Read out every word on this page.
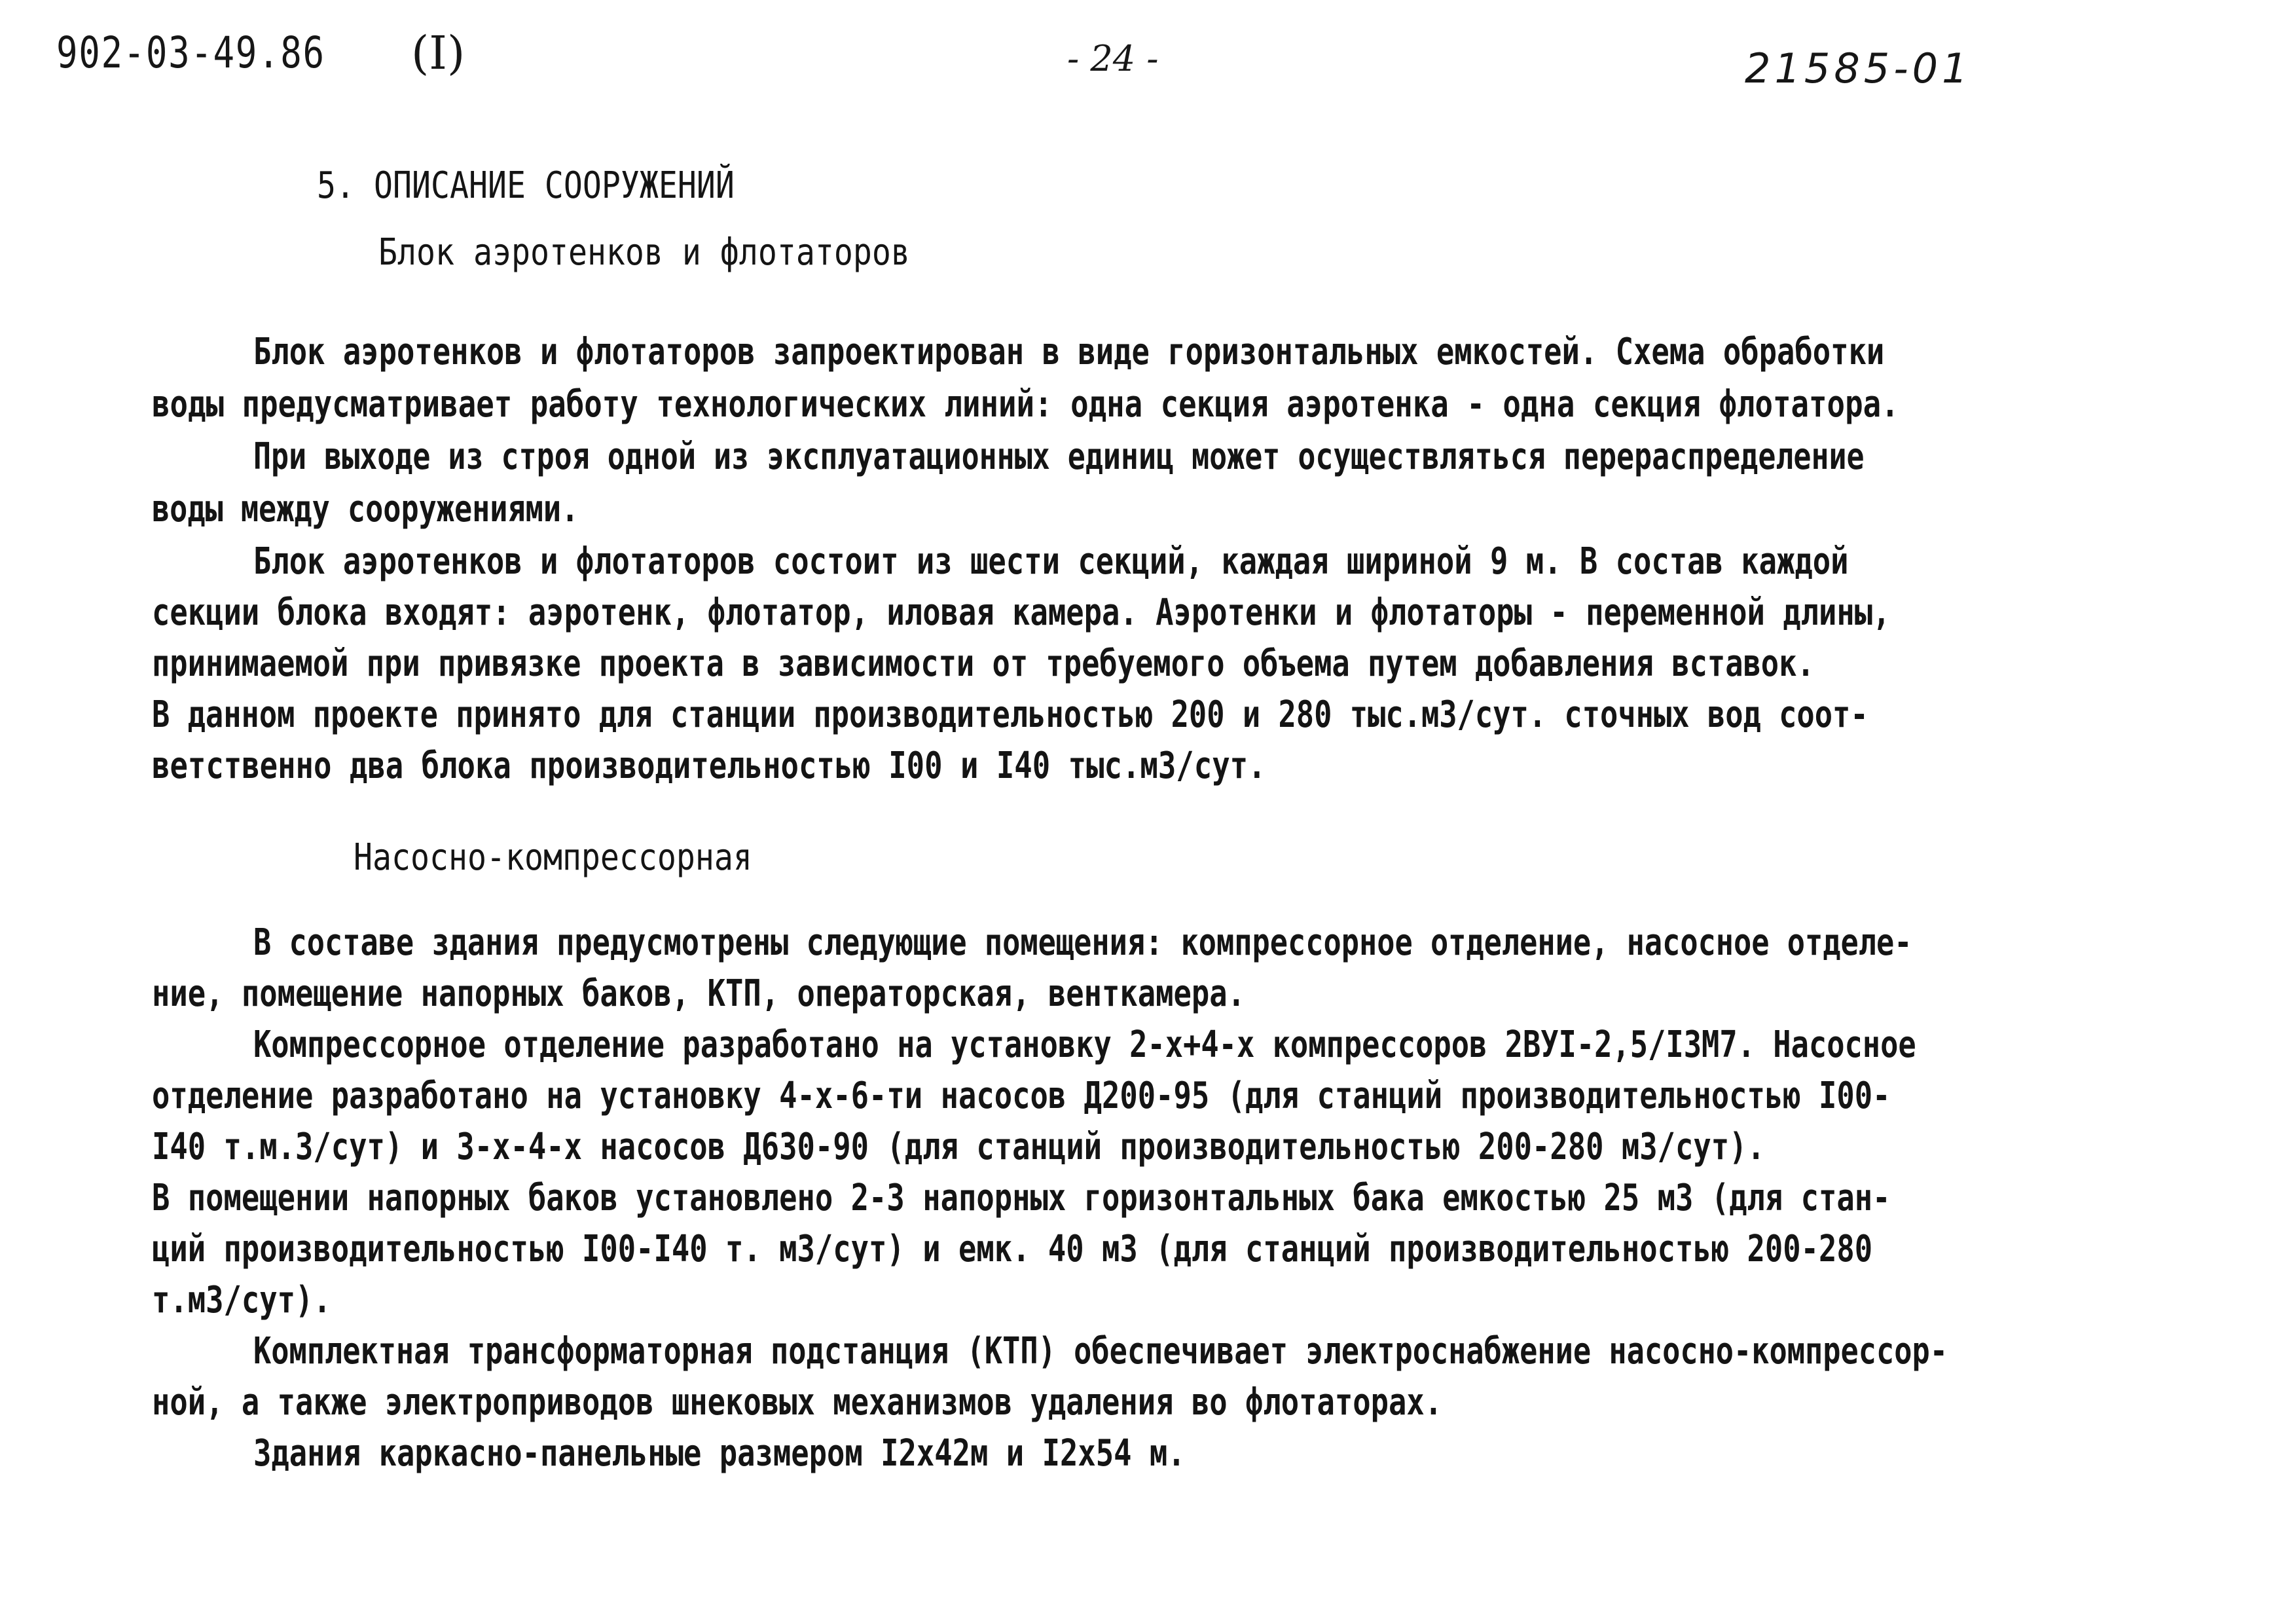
902-03-49.86 (I)	- 24 -	21585-01
5. ОПИСАНИЕ СООРУЖЕНИЙ
Блок аэротенков и флотаторов
Блок аэротенков и флотаторов запроектирован в виде горизонтальных емкостей. Схема обработки
воды предусматривает работу технологических линий: одна секция аэротенка - одна секция флотатора.
При выходе из строя одной из эксплуатационных единиц может осуществляться перераспределение
воды между сооружениями.
Блок аэротенков и флотаторов состоит из шести секций, каждая шириной 9 м. В состав каждой
секции блока входят: аэротенк, флотатор, иловая камера. Аэротенки и флотаторы - переменной длины,
принимаемой при привязке проекта в зависимости от требуемого объема путем добавления вставок.
В данном проекте принято для станции производительностью 200 и 280 тыс.м3/сут. сточных вод соот-
ветственно два блока производительностью I00 и I40 тыс.м3/сут.
Насосно-компрессорная
В составе здания предусмотрены следующие помещения: компрессорное отделение, насосное отделе-
ние, помещение напорных баков, КТП, операторская, венткамера.
Компрессорное отделение разработано на установку 2-х+4-х компрессоров 2ВУI-2,5/I3М7. Насосное
отделение разработано на установку 4-х-6-ти насосов Д200-95 (для станций производительностью I00-
I40 т.м.3/сут) и 3-х-4-х насосов Д630-90 (для станций производительностью 200-280 м3/сут).
В помещении напорных баков установлено 2-3 напорных горизонтальных бака емкостью 25 м3 (для стан-
ций производительностью I00-I40 т. м3/сут) и емк. 40 м3 (для станций производительностью 200-280
т.м3/сут).
Комплектная трансформаторная подстанция (КТП) обеспечивает электроснабжение насосно-компрессор-
ной, а также электроприводов шнековых механизмов удаления во флотаторах.
Здания каркасно-панельные размером I2х42м и I2х54 м.
